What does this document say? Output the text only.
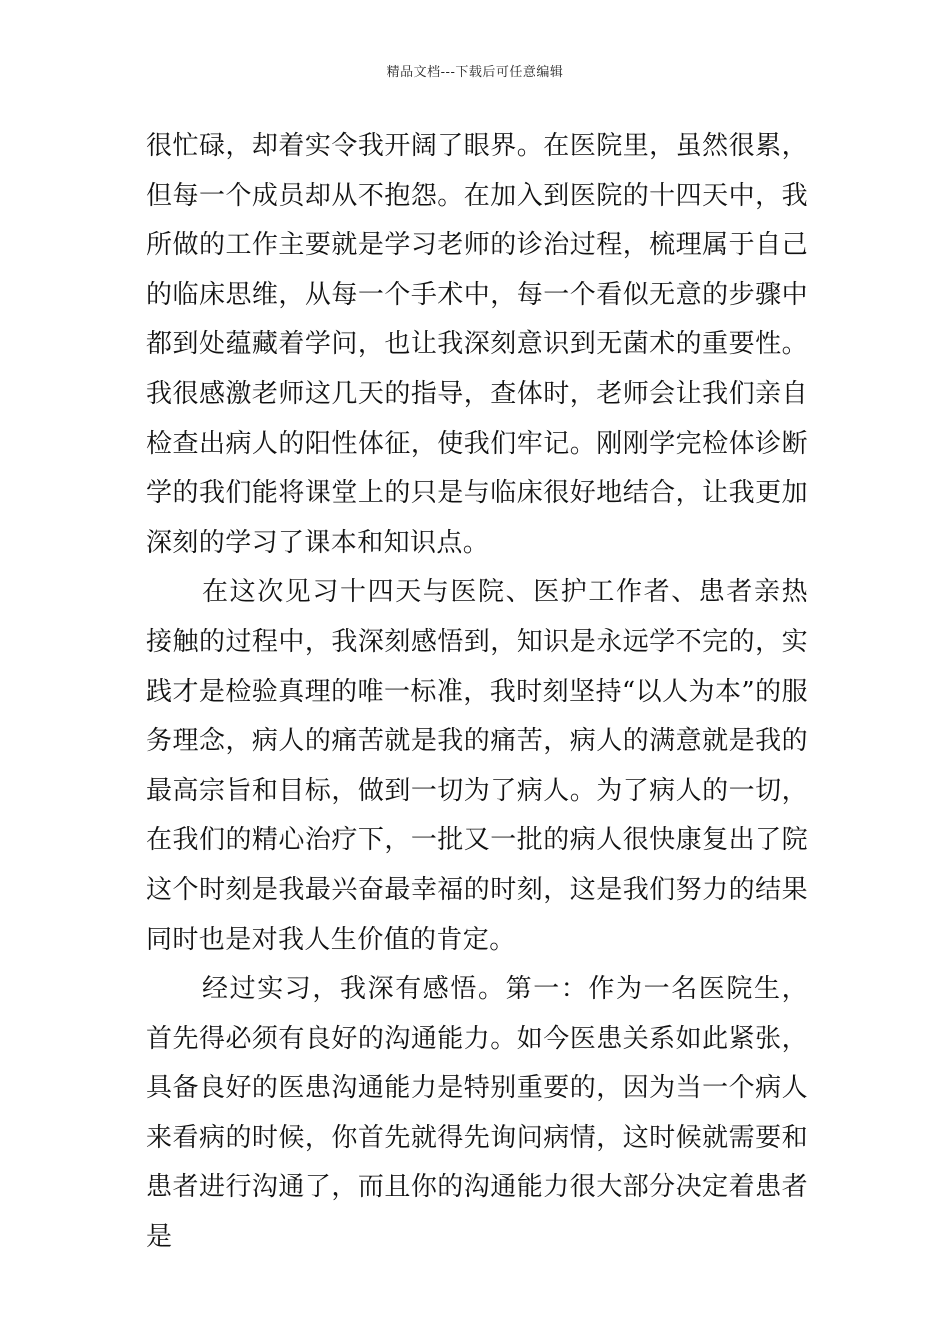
精品文档---下载后可任意编辑

很忙碌，却着实令我开阔了眼界。在医院里，虽然很累，但每一个成员却从不抱怨。在加入到医院的十四天中，我所做的工作主要就是学习老师的诊治过程，梳理属于自己的临床思维，从每一个手术中，每一个看似无意的步骤中都到处蕴藏着学问，也让我深刻意识到无菌术的重要性。我很感激老师这几天的指导，查体时，老师会让我们亲自检查出病人的阳性体征，使我们牢记。刚刚学完检体诊断学的我们能将课堂上的只是与临床很好地结合，让我更加深刻的学习了课本和知识点。

在这次见习十四天与医院、医护工作者、患者亲热接触的过程中，我深刻感悟到，知识是永远学不完的，实践才是检验真理的唯一标准，我时刻坚持“以人为本”的服务理念，病人的痛苦就是我的痛苦，病人的满意就是我的最高宗旨和目标，做到一切为了病人。为了病人的一切，在我们的精心治疗下，一批又一批的病人很快康复出了院这个时刻是我最兴奋最幸福的时刻，这是我们努力的结果同时也是对我人生价值的肯定。

经过实习，我深有感悟。第一：作为一名医院生，首先得必须有良好的沟通能力。如今医患关系如此紧张，具备良好的医患沟通能力是特别重要的，因为当一个病人来看病的时候，你首先就得先询问病情，这时候就需要和患者进行沟通了，而且你的沟通能力很大部分决定着患者是
